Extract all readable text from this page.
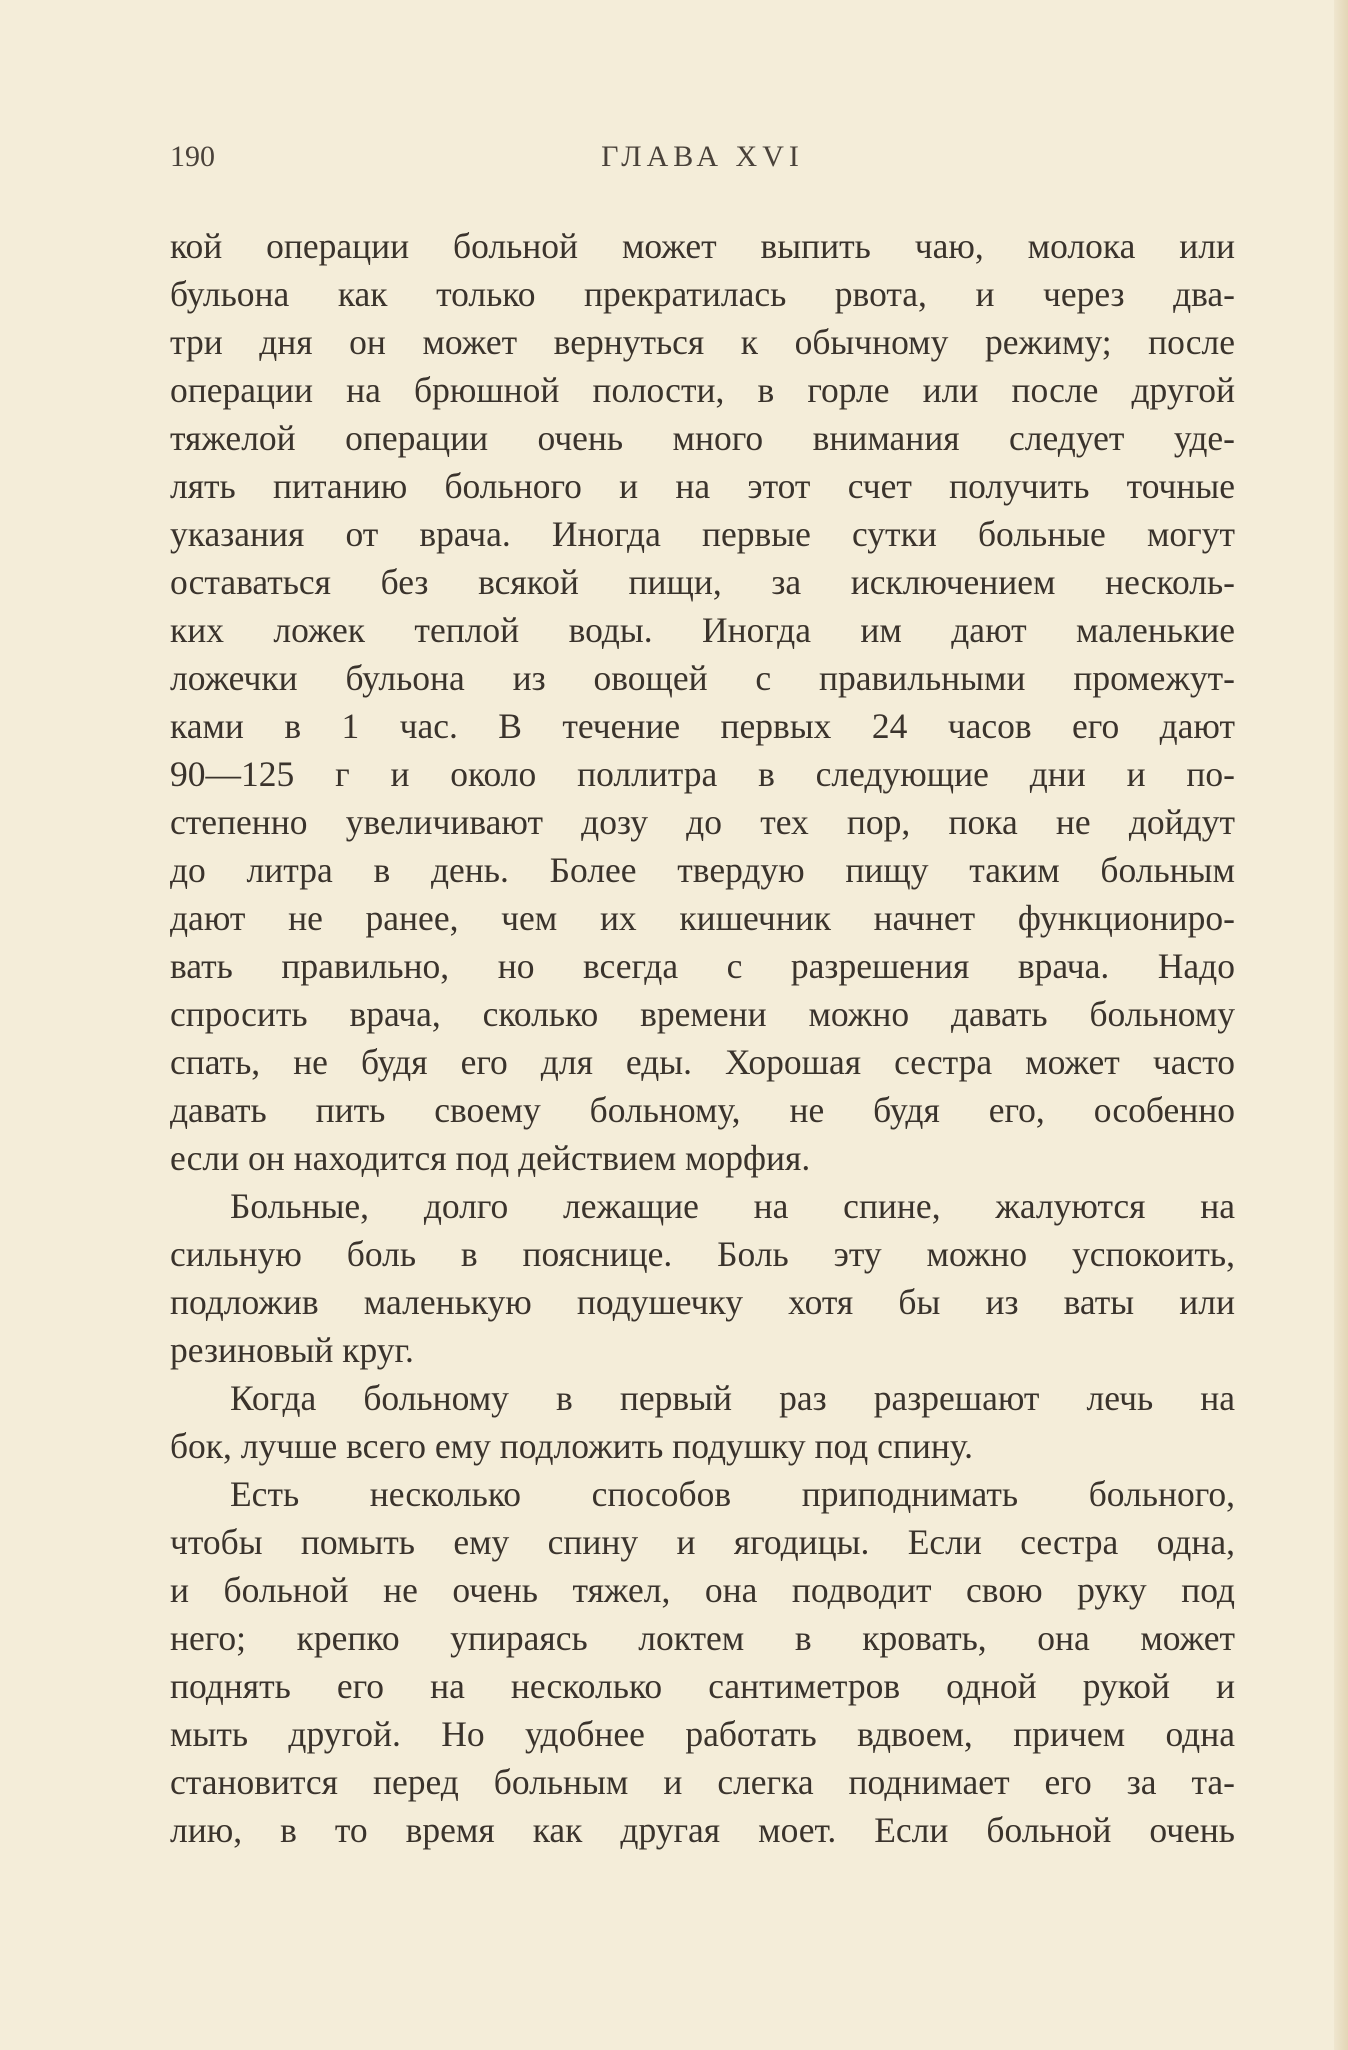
190	ГЛАВА XVI
кой операции больной может выпить чаю, молока или
бульона как только прекратилась рвота, и через два-
три дня он может вернуться к обычному режиму; после
операции на брюшной полости, в горле или после другой
тяжелой операции очень много внимания следует уде-
лять питанию больного и на этот счет получить точные
указания от врача. Иногда первые сутки больные могут
оставаться без всякой пищи, за исключением несколь-
ких ложек теплой воды. Иногда им дают маленькие
ложечки бульона из овощей с правильными промежут-
ками в 1 час. В течение первых 24 часов его дают
90—125 г и около поллитра в следующие дни и по-
степенно увеличивают дозу до тех пор, пока не дойдут
до литра в день. Более твердую пищу таким больным
дают не ранее, чем их кишечник начнет функциониро-
вать правильно, но всегда с разрешения врача. Надо
спросить врача, сколько времени можно давать больному
спать, не будя его для еды. Хорошая сестра может часто
давать пить своему больному, не будя его, особенно
если он находится под действием морфия.
Больные, долго лежащие на спине, жалуются на
сильную боль в пояснице. Боль эту можно успокоить,
подложив маленькую подушечку хотя бы из ваты или
резиновый круг.
Когда больному в первый раз разрешают лечь на
бок, лучше всего ему подложить подушку под спину.
Есть несколько способов приподнимать больного,
чтобы помыть ему спину и ягодицы. Если сестра одна,
и больной не очень тяжел, она подводит свою руку под
него; крепко упираясь локтем в кровать, она может
поднять его на несколько сантиметров одной рукой и
мыть другой. Но удобнее работать вдвоем, причем одна
становится перед больным и слегка поднимает его за та-
лию, в то время как другая моет. Если больной очень
